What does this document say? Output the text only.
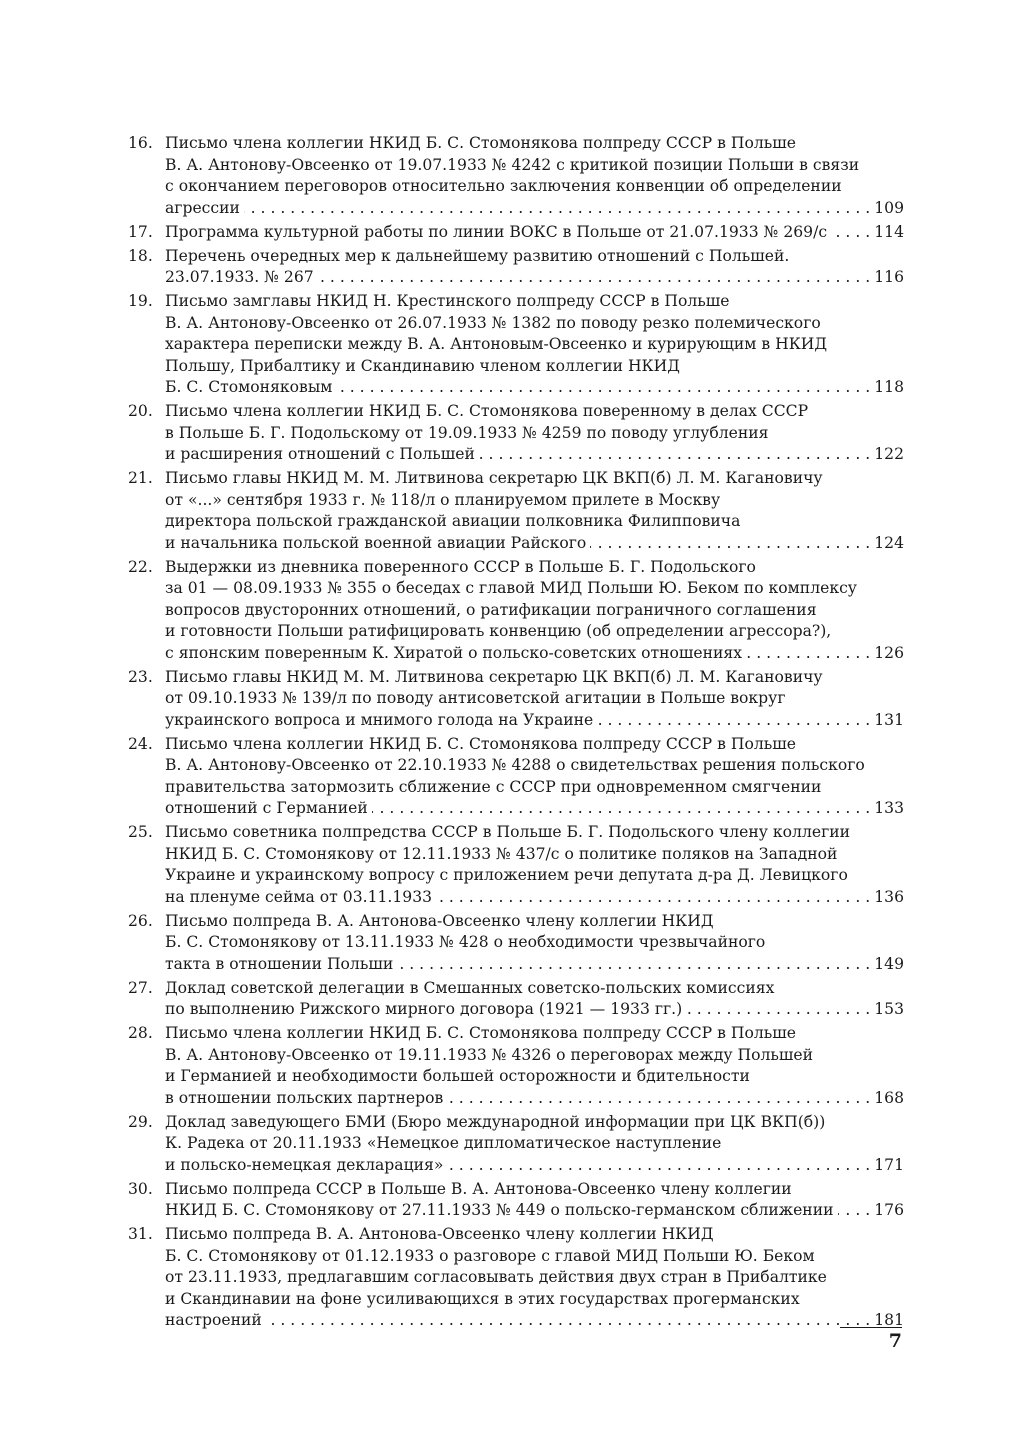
16. Письмо члена коллегии НКИД Б. С. Стомонякова полпреду СССР в Польше
В. А. Антонову-Овсеенко от 19.07.1933 № 4242 с критикой позиции Польши в связи
с окончанием переговоров относительно заключения конвенции об определении
агрессии . . .	109
17. Программа культурной работы по линии ВОКС в Польше от 21.07.1933 № 269/с . . .	114
18. Перечень очередных мер к дальнейшему развитию отношений с Польшей.
23.07.1933. № 267 . . .	116
19. Письмо замглавы НКИД Н. Крестинского полпреду СССР в Польше
В. А. Антонову-Овсеенко от 26.07.1933 № 1382 по поводу резко полемического
характера переписки между В. А. Антоновым-Овсеенко и курирующим в НКИД
Польшу, Прибалтику и Скандинавию членом коллегии НКИД
Б. С. Стомоняковым . . .	118
20. Письмо члена коллегии НКИД Б. С. Стомонякова поверенному в делах СССР
в Польше Б. Г. Подольскому от 19.09.1933 № 4259 по поводу углубления
и расширения отношений с Польшей . . .	122
21. Письмо главы НКИД М. М. Литвинова секретарю ЦК ВКП(б) Л. М. Кагановичу
от «...» сентября 1933 г. № 118/л о планируемом прилете в Москву
директора польской гражданской авиации полковника Филипповича
и начальника польской военной авиации Райского . . .	124
22. Выдержки из дневника поверенного СССР в Польше Б. Г. Подольского
за 01 — 08.09.1933 № 355 о беседах с главой МИД Польши Ю. Беком по комплексу
вопросов двусторонних отношений, о ратификации пограничного соглашения
и готовности Польши ратифицировать конвенцию (об определении агрессора?),
с японским поверенным К. Хиратой о польско-советских отношениях . . .	126
23. Письмо главы НКИД М. М. Литвинова секретарю ЦК ВКП(б) Л. М. Кагановичу
от 09.10.1933 № 139/л по поводу антисоветской агитации в Польше вокруг
украинского вопроса и мнимого голода на Украине . . .	131
24. Письмо члена коллегии НКИД Б. С. Стомонякова полпреду СССР в Польше
В. А. Антонову-Овсеенко от 22.10.1933 № 4288 о свидетельствах решения польского
правительства затормозить сближение с СССР при одновременном смягчении
отношений с Германией . . .	133
25. Письмо советника полпредства СССР в Польше Б. Г. Подольского члену коллегии
НКИД Б. С. Стомонякову от 12.11.1933 № 437/с о политике поляков на Западной
Украине и украинскому вопросу с приложением речи депутата д-ра Д. Левицкого
на пленуме сейма от 03.11.1933 . . .	136
26. Письмо полпреда В. А. Антонова-Овсеенко члену коллегии НКИД
Б. С. Стомонякову от 13.11.1933 № 428 о необходимости чрезвычайного
такта в отношении Польши . . .	149
27. Доклад советской делегации в Смешанных советско-польских комиссиях
по выполнению Рижского мирного договора (1921 — 1933 гг.) . . .	153
28. Письмо члена коллегии НКИД Б. С. Стомонякова полпреду СССР в Польше
В. А. Антонову-Овсеенко от 19.11.1933 № 4326 о переговорах между Польшей
и Германией и необходимости большей осторожности и бдительности
в отношении польских партнеров . . .	168
29. Доклад заведующего БМИ (Бюро международной информации при ЦК ВКП(б))
К. Радека от 20.11.1933 «Немецкое дипломатическое наступление
и польско-немецкая декларация» . . .	171
30. Письмо полпреда СССР в Польше В. А. Антонова-Овсеенко члену коллегии
НКИД Б. С. Стомонякову от 27.11.1933 № 449 о польско-германском сближении . . .	176
31. Письмо полпреда В. А. Антонова-Овсеенко члену коллегии НКИД
Б. С. Стомонякову от 01.12.1933 о разговоре с главой МИД Польши Ю. Беком
от 23.11.1933, предлагавшим согласовывать действия двух стран в Прибалтике
и Скандинавии на фоне усиливающихся в этих государствах прогерманских
настроений . . .	181
7
